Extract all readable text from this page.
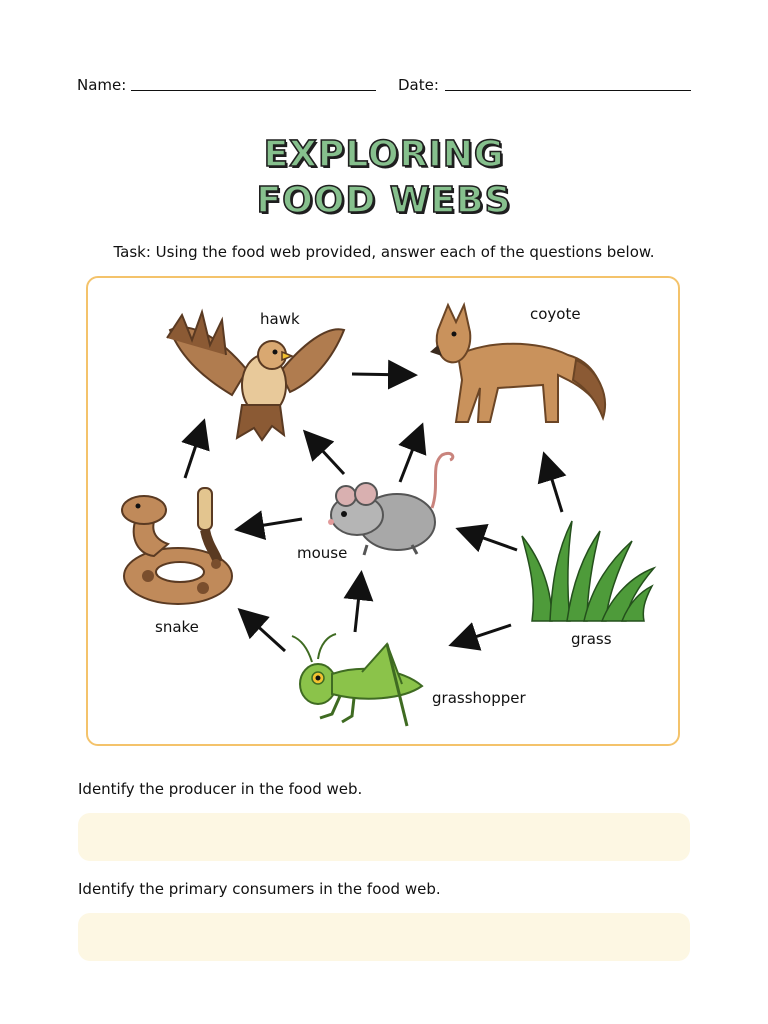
Name:	Date:
EXPLORING
FOOD WEBS
Task: Using the food web provided, answer each of the questions below.
hawk	coyote
mouse
snake
grass
grasshopper
Identify the producer in the food web.
Identify the primary consumers in the food web.
